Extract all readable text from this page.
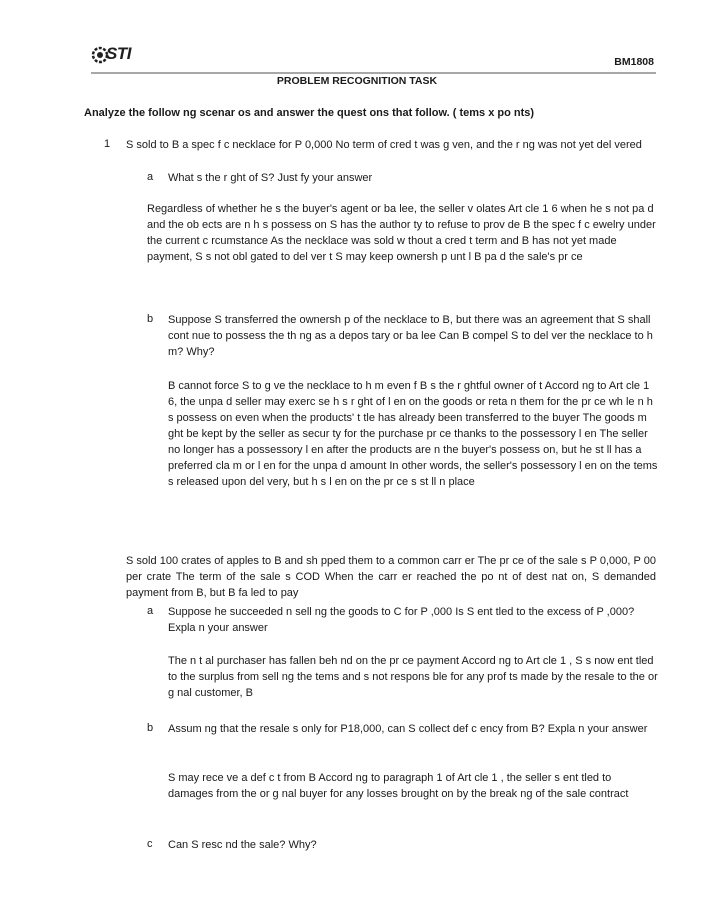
STI	BM1808
PROBLEM RECOGNITION TASK
Analyze the follow ng scenar os and answer the quest ons that follow. ( tems x po nts)
1 S sold to B a spec f c necklace for P 0,000 No term of cred t was g ven, and the r ng was not yet del vered
a What s the r ght of S? Just fy your answer
Regardless of whether he s the buyer's agent or ba lee, the seller v olates Art cle 1 6 when he s not pa d and the ob ects are n h s possess on S has the author ty to refuse to prov de B the spec f c ewelry under the current c rcumstance As the necklace was sold w thout a cred t term and B has not yet made payment, S s not obl gated to del ver t S may keep ownersh p unt l B pa d the sale's pr ce
b Suppose S transferred the ownersh p of the necklace to B, but there was an agreement that S shall cont nue to possess the th ng as a depos tary or ba lee Can B compel S to del ver the necklace to h m? Why?
B cannot force S to g ve the necklace to h m even f B s the r ghtful owner of t Accord ng to Art cle 1 6, the unpa d seller may exerc se h s r ght of l en on the goods or reta n them for the pr ce wh le n h s possess on even when the products' t tle has already been transferred to the buyer The goods m ght be kept by the seller as secur ty for the purchase pr ce thanks to the possessory l en The seller no longer has a possessory l en after the products are n the buyer's possess on, but he st ll has a preferred cla m or l en for the unpa d amount In other words, the seller's possessory l en on the tems s released upon del very, but h s l en on the pr ce s st ll n place
S sold 100 crates of apples to B and sh pped them to a common carr er The pr ce of the sale s P 0,000, P 00 per crate The term of the sale s COD When the carr er reached the po nt of dest nat on, S demanded payment from B, but B fa led to pay
a Suppose he succeeded n sell ng the goods to C for P ,000 Is S ent tled to the excess of P ,000? Expla n your answer
The n t al purchaser has fallen beh nd on the pr ce payment Accord ng to Art cle 1 , S s now ent tled to the surplus from sell ng the tems and s not respons ble for any prof ts made by the resale to the or g nal customer, B
b Assum ng that the resale s only for P18,000, can S collect def c ency from B? Expla n your answer
S may rece ve a def c t from B Accord ng to paragraph 1 of Art cle 1 , the seller s ent tled to damages from the or g nal buyer for any losses brought on by the break ng of the sale contract
c Can S resc nd the sale? Why?
